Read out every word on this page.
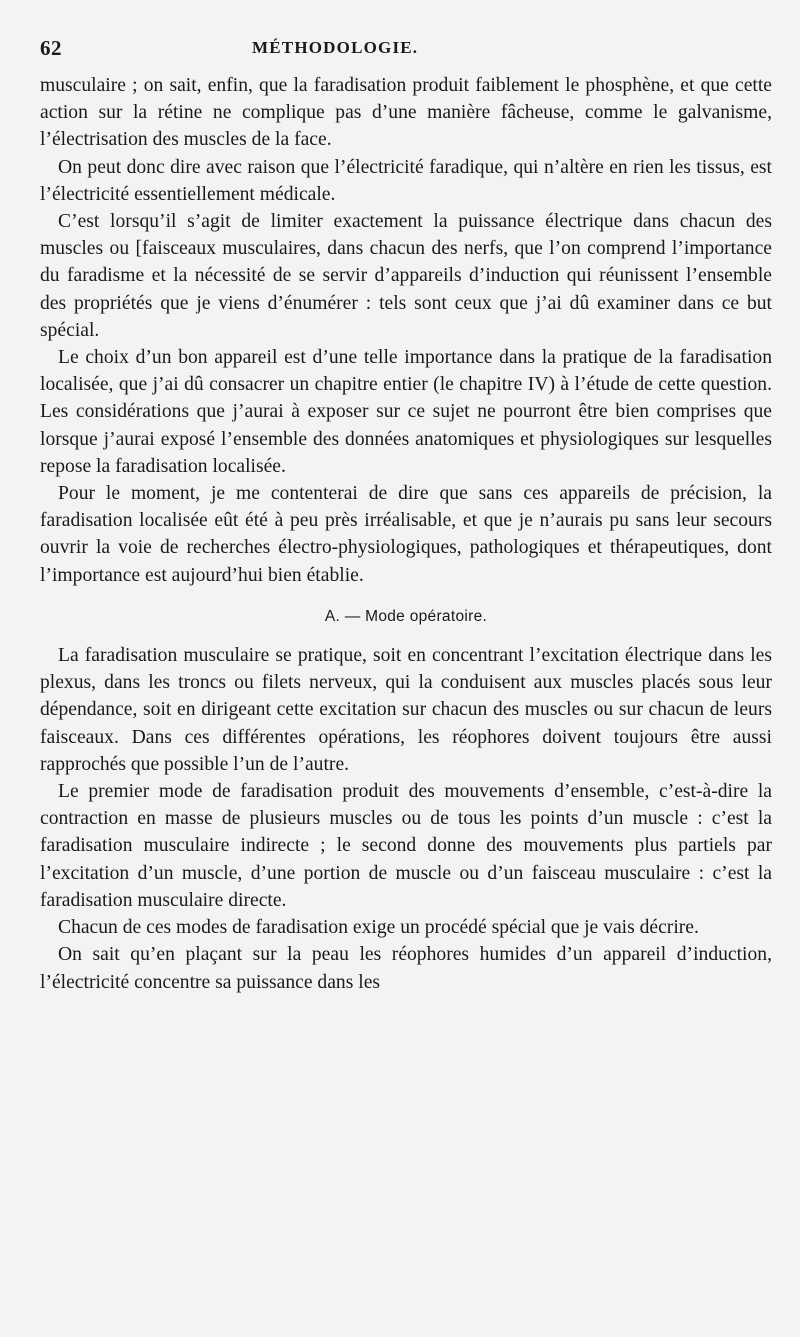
62	MÉTHODOLOGIE.

musculaire ; on sait, enfin, que la faradisation produit faiblement le phosphène, et que cette action sur la rétine ne complique pas d’une manière fâcheuse, comme le galvanisme, l’électrisation des muscles de la face.

On peut donc dire avec raison que l’électricité faradique, qui n’altère en rien les tissus, est l’électricité essentiellement médicale.

C’est lorsqu’il s’agit de limiter exactement la puissance électrique dans chacun des muscles ou [faisceaux musculaires, dans chacun des nerfs, que l’on comprend l’importance du faradisme et la nécessité de se servir d’appareils d’induction qui réunissent l’ensemble des propriétés que je viens d’énumérer : tels sont ceux que j’ai dû examiner dans ce but spécial.

Le choix d’un bon appareil est d’une telle importance dans la pratique de la faradisation localisée, que j’ai dû consacrer un chapitre entier (le chapitre IV) à l’étude de cette question. Les considérations que j’aurai à exposer sur ce sujet ne pourront être bien comprises que lorsque j’aurai exposé l’ensemble des données anatomiques et physiologiques sur lesquelles repose la faradisation localisée.

Pour le moment, je me contenterai de dire que sans ces appareils de précision, la faradisation localisée eût été à peu près irréalisable, et que je n’aurais pu sans leur secours ouvrir la voie de recherches électro-physiologiques, pathologiques et thérapeutiques, dont l’importance est aujourd’hui bien établie.

A. — Mode opératoire.

La faradisation musculaire se pratique, soit en concentrant l’excitation électrique dans les plexus, dans les troncs ou filets nerveux, qui la conduisent aux muscles placés sous leur dépendance, soit en dirigeant cette excitation sur chacun des muscles ou sur chacun de leurs faisceaux. Dans ces différentes opérations, les réophores doivent toujours être aussi rapprochés que possible l’un de l’autre.

Le premier mode de faradisation produit des mouvements d’ensemble, c’est-à-dire la contraction en masse de plusieurs muscles ou de tous les points d’un muscle : c’est la faradisation musculaire indirecte ; le second donne des mouvements plus partiels par l’excitation d’un muscle, d’une portion de muscle ou d’un faisceau musculaire : c’est la faradisation musculaire directe.

Chacun de ces modes de faradisation exige un procédé spécial que je vais décrire.

On sait qu’en plaçant sur la peau les réophores humides d’un appareil d’induction, l’électricité concentre sa puissance dans les
